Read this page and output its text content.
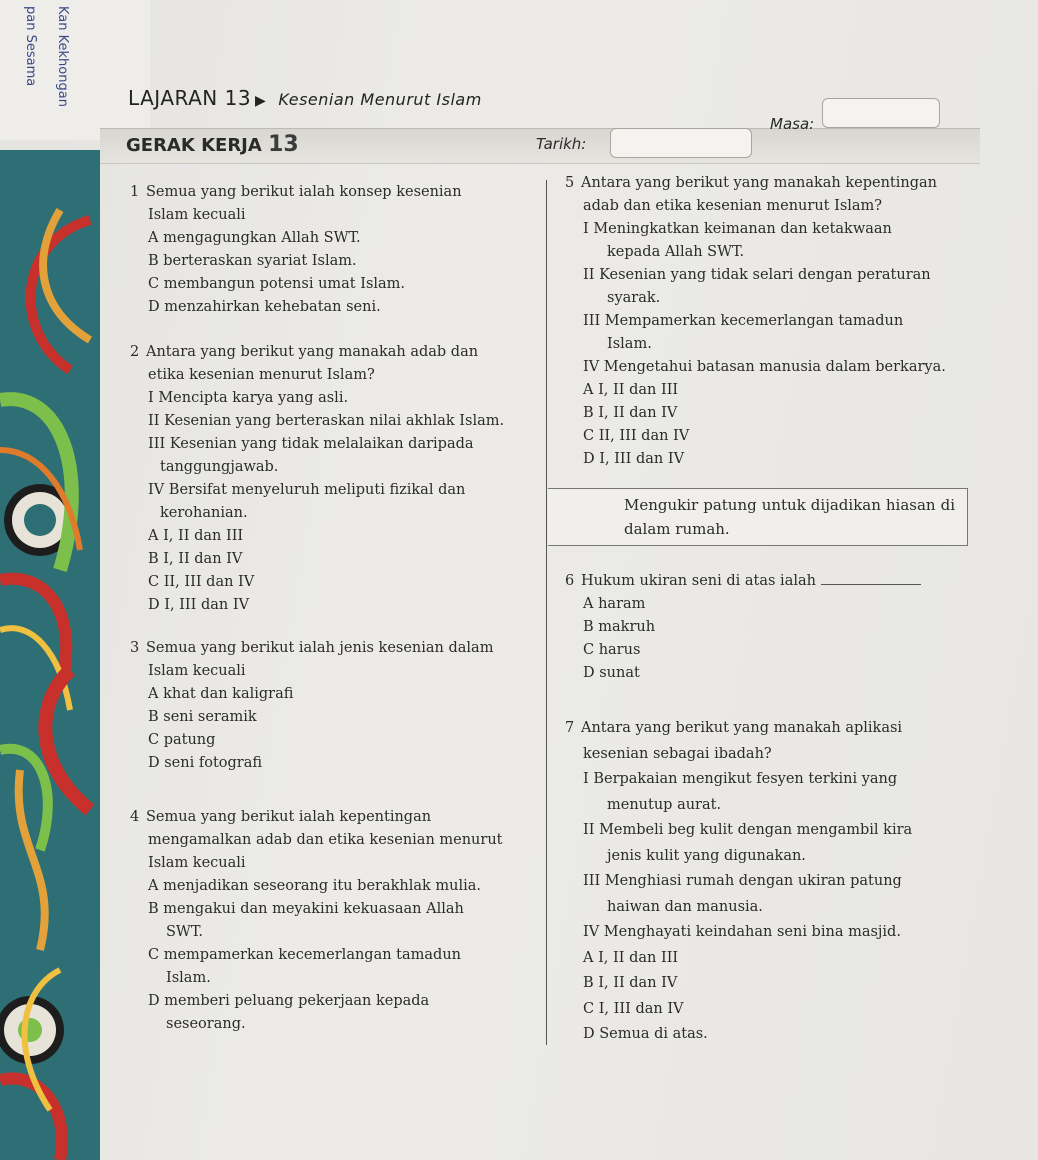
Kan Kekhongan
pan Sesama
LAJARAN 13 ▶ Kesenian Menurut Islam
GERAK KERJA 13	Tarikh:
Masa:

1 Semua yang berikut ialah konsep kesenian

Islam kecuali

A mengagungkan Allah SWT.

B berteraskan syariat Islam.

C membangun potensi umat Islam.

D menzahirkan kehebatan seni.

2 Antara yang berikut yang manakah adab dan

etika kesenian menurut Islam?

I Mencipta karya yang asli.

II Kesenian yang berteraskan nilai akhlak Islam.

III Kesenian yang tidak melalaikan daripada

tanggungjawab.

IV Bersifat menyeluruh meliputi fizikal dan

kerohanian.

A I, II dan III

B I, II dan IV

C II, III dan IV

D I, III dan IV

3 Semua yang berikut ialah jenis kesenian dalam

Islam kecuali

A khat dan kaligrafi

B seni seramik

C patung

D seni fotografi

4 Semua yang berikut ialah kepentingan

mengamalkan adab dan etika kesenian menurut

Islam kecuali

A menjadikan seseorang itu berakhlak mulia.

B mengakui dan meyakini kekuasaan Allah

SWT.

C mempamerkan kecemerlangan tamadun

Islam.

D memberi peluang pekerjaan kepada

seseorang.

5 Antara yang berikut yang manakah kepentingan

adab dan etika kesenian menurut Islam?

I Meningkatkan keimanan dan ketakwaan

kepada Allah SWT.

II Kesenian yang tidak selari dengan peraturan

syarak.

III Mempamerkan kecemerlangan tamadun

Islam.

IV Mengetahui batasan manusia dalam berkarya.

A I, II dan III

B I, II dan IV

C II, III dan IV

D I, III dan IV

Mengukir patung untuk dijadikan hiasan di dalam rumah.

6 Hukum ukiran seni di atas ialah

A haram

B makruh

C harus

D sunat

7 Antara yang berikut yang manakah aplikasi

kesenian sebagai ibadah?

I Berpakaian mengikut fesyen terkini yang

menutup aurat.

II Membeli beg kulit dengan mengambil kira

jenis kulit yang digunakan.

III Menghiasi rumah dengan ukiran patung

haiwan dan manusia.

IV Menghayati keindahan seni bina masjid.

A I, II dan III

B I, II dan IV

C I, III dan IV

D Semua di atas.
